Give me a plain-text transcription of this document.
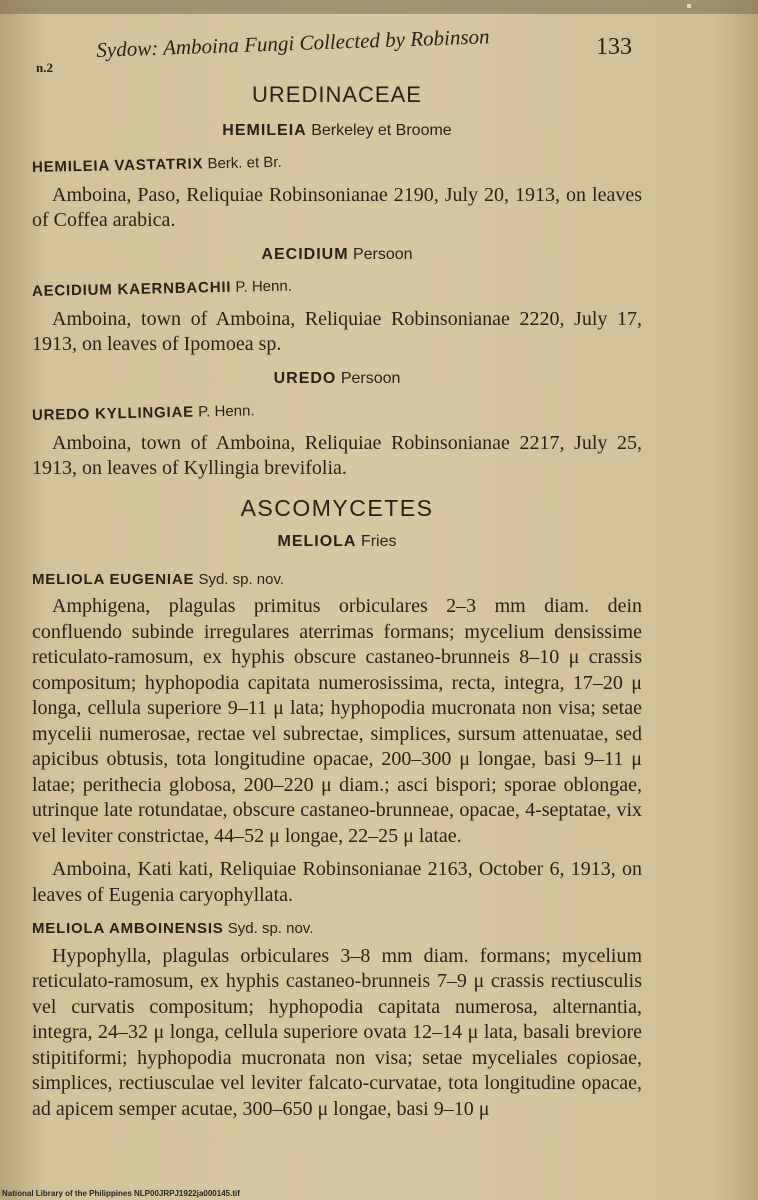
n.2
Sydow: Amboina Fungi Collected by Robinson	133
UREDINACEAE
HEMILEIA Berkeley et Broome
HEMILEIA VASTATRIX Berk. et Br.

Amboina, Paso, Reliquiae Robinsonianae 2190, July 20, 1913, on leaves of Coffea arabica.

AECIDIUM Persoon
AECIDIUM KAERNBACHII P. Henn.

Amboina, town of Amboina, Reliquiae Robinsonianae 2220, July 17, 1913, on leaves of Ipomoea sp.

UREDO Persoon
UREDO KYLLINGIAE P. Henn.

Amboina, town of Amboina, Reliquiae Robinsonianae 2217, July 25, 1913, on leaves of Kyllingia brevifolia.

ASCOMYCETES
MELIOLA Fries
MELIOLA EUGENIAE Syd. sp. nov.

Amphigena, plagulas primitus orbiculares 2–3 mm diam. dein confluendo subinde irregulares aterrimas formans; mycelium densissime reticulato-ramosum, ex hyphis obscure castaneo-brunneis 8–10 μ crassis compositum; hyphopodia capitata numerosissima, recta, integra, 17–20 μ longa, cellula superiore 9–11 μ lata; hyphopodia mucronata non visa; setae mycelii numerosae, rectae vel subrectae, simplices, sursum attenuatae, sed apicibus obtusis, tota longitudine opacae, 200–300 μ longae, basi 9–11 μ latae; perithecia globosa, 200–220 μ diam.; asci bispori; sporae oblongae, utrinque late rotundatae, obscure castaneo-brunneae, opacae, 4-septatae, vix vel leviter constrictae, 44–52 μ longae, 22–25 μ latae.

Amboina, Kati kati, Reliquiae Robinsonianae 2163, October 6, 1913, on leaves of Eugenia caryophyllata.

MELIOLA AMBOINENSIS Syd. sp. nov.

Hypophylla, plagulas orbiculares 3–8 mm diam. formans; mycelium reticulato-ramosum, ex hyphis castaneo-brunneis 7–9 μ crassis rectiusculis vel curvatis compositum; hyphopodia capitata numerosa, alternantia, integra, 24–32 μ longa, cellula superiore ovata 12–14 μ lata, basali breviore stipitiformi; hyphopodia mucronata non visa; setae myceliales copiosae, simplices, rectiusculae vel leviter falcato-curvatae, tota longitudine opacae, ad apicem semper acutae, 300–650 μ longae, basi 9–10 μ

National Library of the Philippines NLP00JRPJ1922ja000145.tif
